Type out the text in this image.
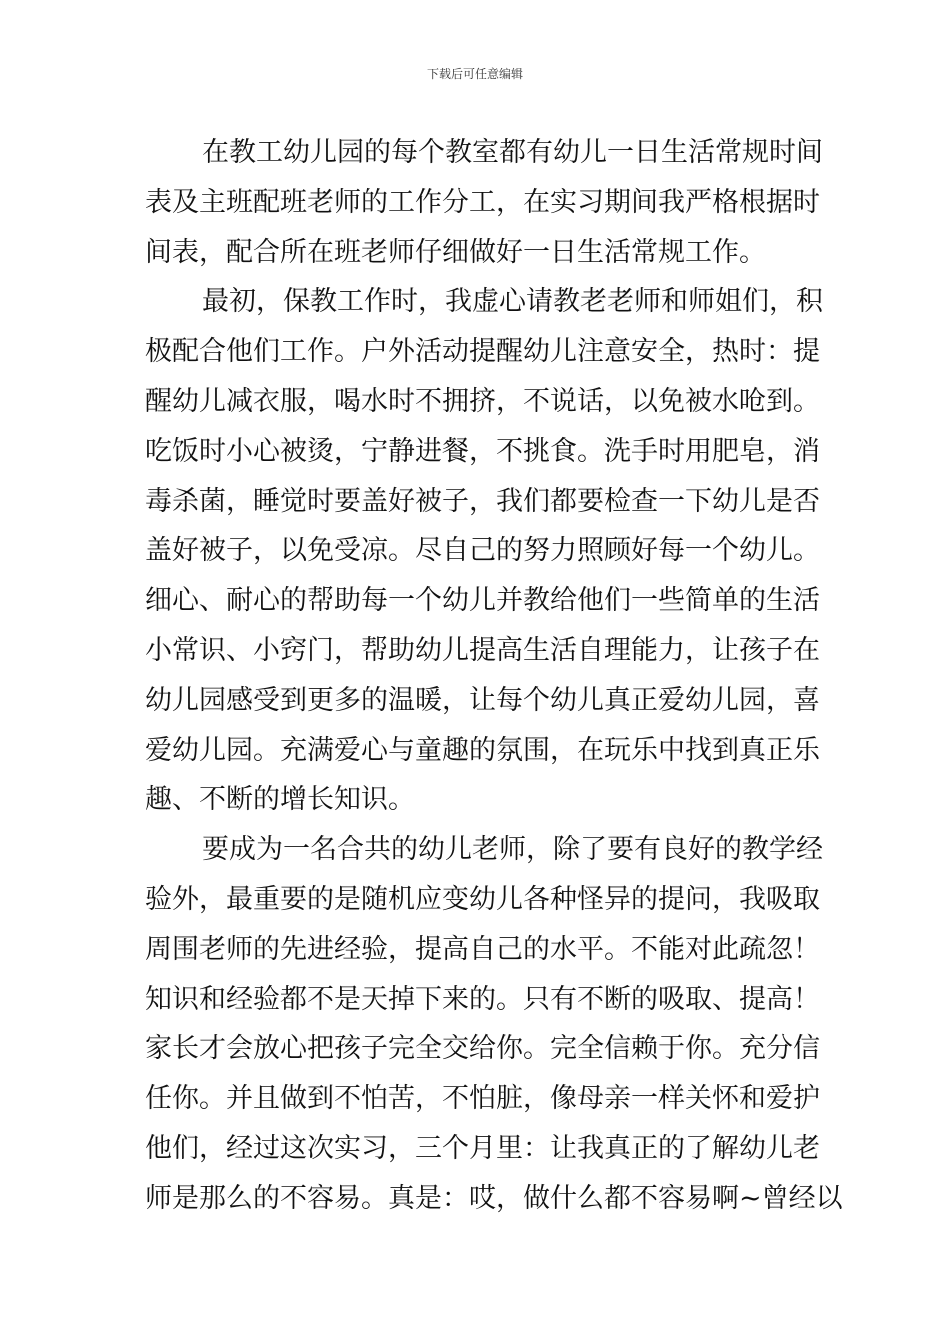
下载后可任意编辑
在教工幼儿园的每个教室都有幼儿一日生活常规时间
表及主班配班老师的工作分工，在实习期间我严格根据时
间表，配合所在班老师仔细做好一日生活常规工作。
最初，保教工作时，我虚心请教老老师和师姐们，积
极配合他们工作。户外活动提醒幼儿注意安全，热时：提
醒幼儿减衣服，喝水时不拥挤，不说话，以免被水呛到。
吃饭时小心被烫，宁静进餐，不挑食。洗手时用肥皂，消
毒杀菌，睡觉时要盖好被子，我们都要检查一下幼儿是否
盖好被子，以免受凉。尽自己的努力照顾好每一个幼儿。
细心、耐心的帮助每一个幼儿并教给他们一些简单的生活
小常识、小窍门，帮助幼儿提高生活自理能力，让孩子在
幼儿园感受到更多的温暖，让每个幼儿真正爱幼儿园，喜
爱幼儿园。充满爱心与童趣的氛围，在玩乐中找到真正乐
趣、不断的增长知识。
要成为一名合共的幼儿老师，除了要有良好的教学经
验外，最重要的是随机应变幼儿各种怪异的提问，我吸取
周围老师的先进经验，提高自己的水平。不能对此疏忽！
知识和经验都不是天掉下来的。只有不断的吸取、提高！
家长才会放心把孩子完全交给你。完全信赖于你。充分信
任你。并且做到不怕苦，不怕脏，像母亲一样关怀和爱护
他们，经过这次实习，三个月里：让我真正的了解幼儿老
师是那么的不容易。真是：哎，做什么都不容易啊~曾经以
